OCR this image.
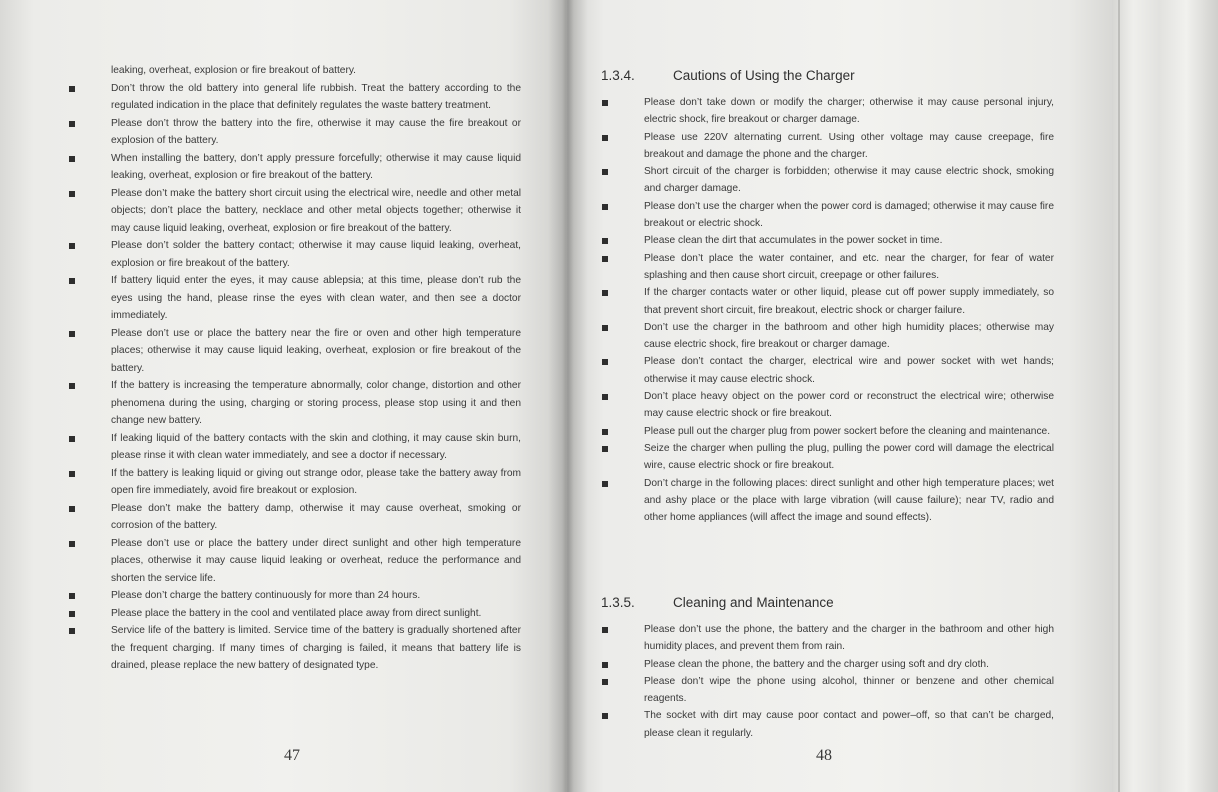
leaking, overheat, explosion or fire breakout of battery.
Don’t throw the old battery into general life rubbish. Treat the battery according to the regulated indication in the place that definitely regulates the waste battery treatment.
Please don’t throw the battery into the fire, otherwise it may cause the fire breakout or explosion of the battery.
When installing the battery, don’t apply pressure forcefully; otherwise it may cause liquid leaking, overheat, explosion or fire breakout of the battery.
Please don’t make the battery short circuit using the electrical wire, needle and other metal objects; don’t place the battery, necklace and other metal objects together; otherwise it may cause liquid leaking, overheat, explosion or fire breakout of the battery.
Please don’t solder the battery contact; otherwise it may cause liquid leaking, overheat, explosion or fire breakout of the battery.
If battery liquid enter the eyes, it may cause ablepsia; at this time, please don’t rub the eyes using the hand, please rinse the eyes with clean water, and then see a doctor immediately.
Please don’t use or place the battery near the fire or oven and other high temperature places; otherwise it may cause liquid leaking, overheat, explosion or fire breakout of the battery.
If the battery is increasing the temperature abnormally, color change, distortion and other phenomena during the using, charging or storing process, please stop using it and then change new battery.
If leaking liquid of the battery contacts with the skin and clothing, it may cause skin burn, please rinse it with clean water immediately, and see a doctor if necessary.
If the battery is leaking liquid or giving out strange odor, please take the battery away from open fire immediately, avoid fire breakout or explosion.
Please don’t make the battery damp, otherwise it may cause overheat, smoking or corrosion of the battery.
Please don’t use or place the battery under direct sunlight and other high temperature places, otherwise it may cause liquid leaking or overheat, reduce the performance and shorten the service life.
Please don’t charge the battery continuously for more than 24 hours.
Please place the battery in the cool and ventilated place away from direct sunlight.
Service life of the battery is limited. Service time of the battery is gradually shortened after the frequent charging. If many times of charging is failed, it means that battery life is drained, please replace the new battery of designated type.
47
1.3.4.	Cautions of Using the Charger
Please don’t take down or modify the charger; otherwise it may cause personal injury, electric shock, fire breakout or charger damage.
Please use 220V alternating current. Using other voltage may cause creepage, fire breakout and damage the phone and the charger.
Short circuit of the charger is forbidden; otherwise it may cause electric shock, smoking and charger damage.
Please don’t use the charger when the power cord is damaged; otherwise it may cause fire breakout or electric shock.
Please clean the dirt that accumulates in the power socket in time.
Please don’t place the water container, and etc. near the charger, for fear of water splashing and then cause short circuit, creepage or other failures.
If the charger contacts water or other liquid, please cut off power supply immediately, so that prevent short circuit, fire breakout, electric shock or charger failure.
Don’t use the charger in the bathroom and other high humidity places; otherwise may cause electric shock, fire breakout or charger damage.
Please don’t contact the charger, electrical wire and power socket with wet hands; otherwise it may cause electric shock.
Don’t place heavy object on the power cord or reconstruct the electrical wire; otherwise may cause electric shock or fire breakout.
Please pull out the charger plug from power sockert before the cleaning and maintenance.
Seize the charger when pulling the plug, pulling the power cord will damage the electrical wire, cause electric shock or fire breakout.
Don’t charge in the following places: direct sunlight and other high temperature places; wet and ashy place or the place with large vibration (will cause failure); near TV, radio and other home appliances (will affect the image and sound effects).
1.3.5.	Cleaning and Maintenance
Please don’t use the phone, the battery and the charger in the bathroom and other high humidity places, and prevent them from rain.
Please clean the phone, the battery and the charger using soft and dry cloth.
Please don’t wipe the phone using alcohol, thinner or benzene and other chemical reagents.
The socket with dirt may cause poor contact and power–off, so that can’t be charged, please clean it regularly.
48
